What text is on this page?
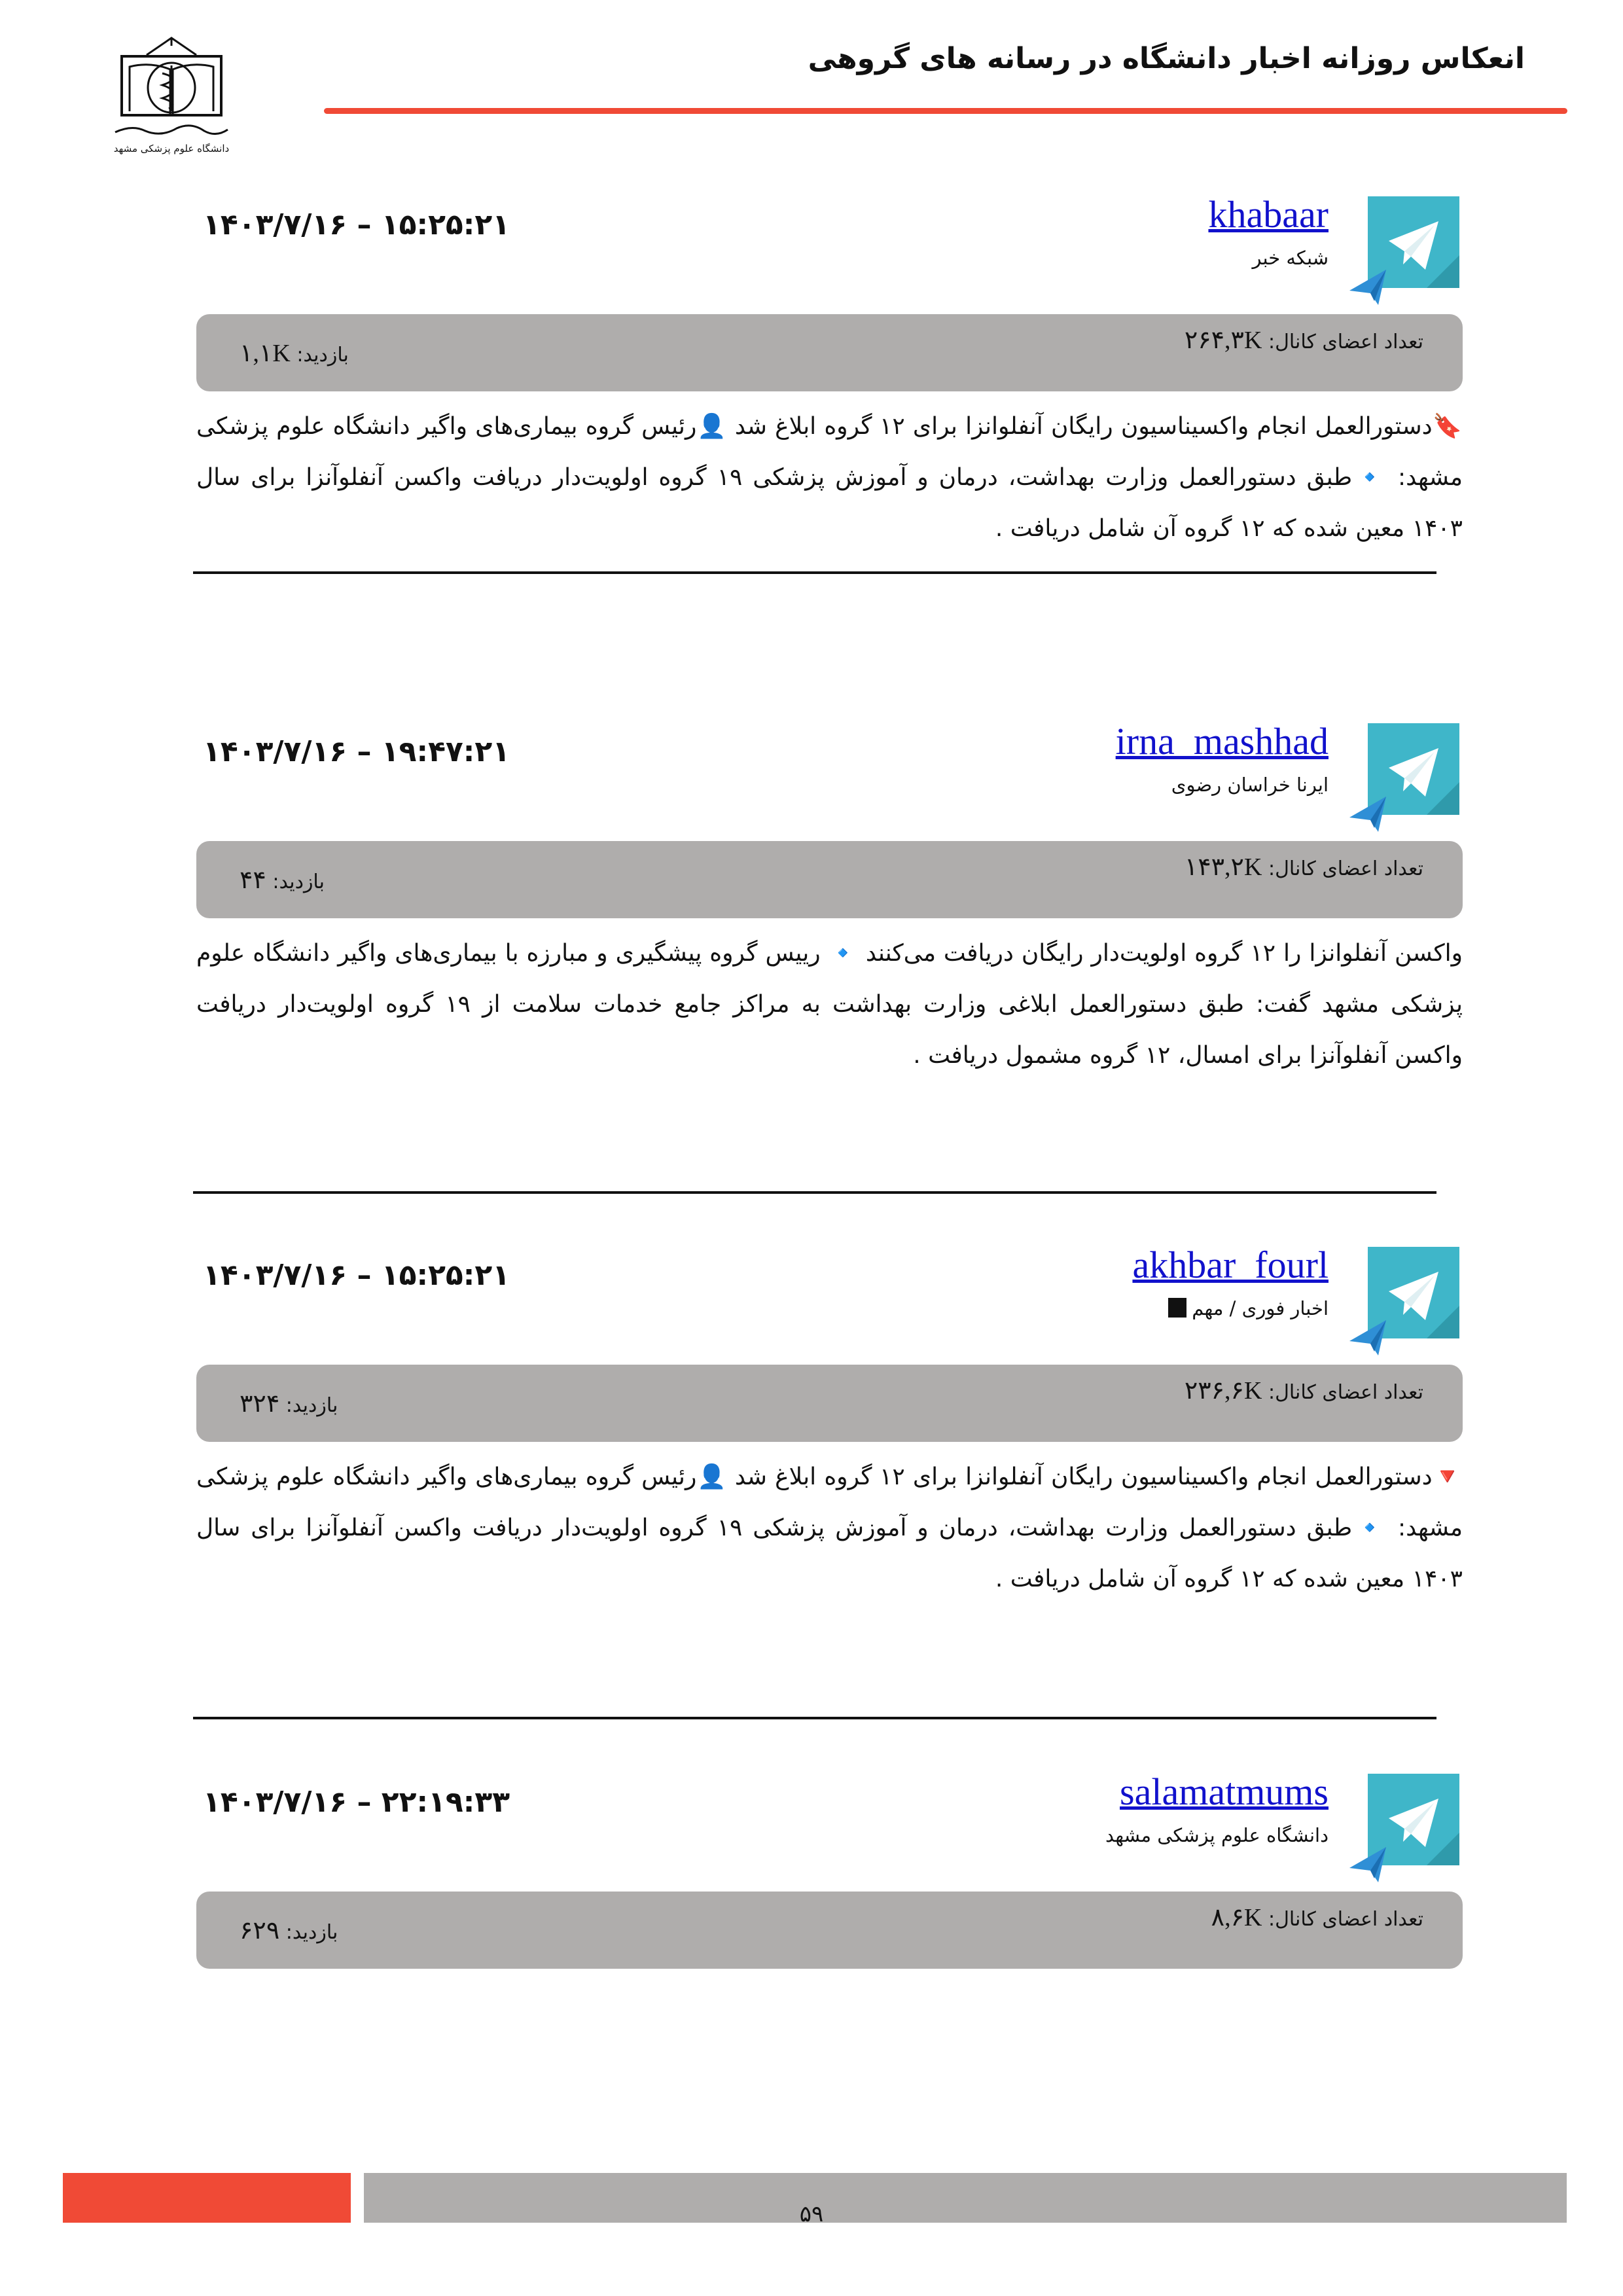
انعکاس روزانه اخبار دانشگاه در رسانه های گروهی
دانشگاه علوم پزشکی مشهد
khabaar
شبکه خبر
۱۴۰۳/۷/۱۶ – ۱۵:۲۵:۲۱
تعداد اعضای کانال: ۲۶۴,۳K
بازدید: ۱,۱K
🔖دستورالعمل انجام واکسیناسیون رایگان آنفلوانزا برای ۱۲ گروه ابلاغ شد 👤رئیس گروه بیماری‌های واگیر دانشگاه علوم پزشکی مشهد: 🔹طبق دستورالعمل وزارت بهداشت، درمان و آموزش پزشکی ۱۹ گروه اولویت‌دار دریافت واکسن آنفلوآنزا برای سال ۱۴۰۳ معین شده که ۱۲ گروه آن شامل دریافت .
irna_mashhad
ایرنا خراسان رضوی
۱۴۰۳/۷/۱۶ – ۱۹:۴۷:۲۱
تعداد اعضای کانال: ۱۴۳,۲K
بازدید: ۴۴
واکسن آنفلوانزا را ۱۲ گروه اولویت‌دار رایگان دریافت می‌کنند 🔹 رییس گروه پیشگیری و مبارزه با بیماری‌های واگیر دانشگاه علوم پزشکی مشهد گفت: طبق دستورالعمل ابلاغی وزارت بهداشت به مراکز جامع خدمات سلامت از ۱۹ گروه اولویت‌دار دریافت واکسن آنفلوآنزا برای امسال، ۱۲ گروه مشمول دریافت .
akhbar_fourl
اخبار فوری / مهم
۱۴۰۳/۷/۱۶ – ۱۵:۲۵:۲۱
تعداد اعضای کانال: ۲۳۶,۶K
بازدید: ۳۲۴
🔻دستورالعمل انجام واکسیناسیون رایگان آنفلوانزا برای ۱۲ گروه ابلاغ شد 👤رئیس گروه بیماری‌های واگیر دانشگاه علوم پزشکی مشهد: 🔹طبق دستورالعمل وزارت بهداشت، درمان و آموزش پزشکی ۱۹ گروه اولویت‌دار دریافت واکسن آنفلوآنزا برای سال ۱۴۰۳ معین شده که ۱۲ گروه آن شامل دریافت .
salamatmums
دانشگاه علوم پزشکی مشهد
۱۴۰۳/۷/۱۶ – ۲۲:۱۹:۳۳
تعداد اعضای کانال: ۸,۶K
بازدید: ۶۲۹
۵۹
